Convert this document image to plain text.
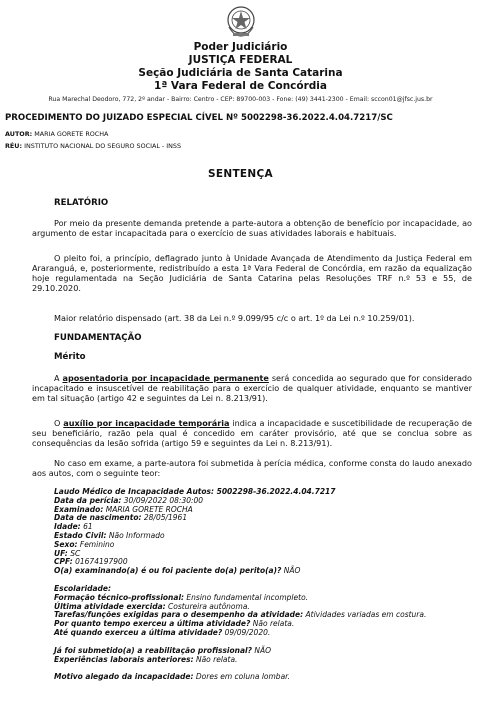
Poder Judiciário
JUSTIÇA FEDERAL
Seção Judiciária de Santa Catarina
1ª Vara Federal de Concórdia
Rua Marechal Deodoro, 772, 2º andar - Bairro: Centro - CEP: 89700-003 - Fone: (49) 3441-2300 - Email: sccon01@jfsc.jus.br
PROCEDIMENTO DO JUIZADO ESPECIAL CÍVEL Nº 5002298-36.2022.4.04.7217/SC
AUTOR: MARIA GORETE ROCHA
RÉU: INSTITUTO NACIONAL DO SEGURO SOCIAL - INSS
SENTENÇA
RELATÓRIO
Por meio da presente demanda pretende a parte-autora a obtenção de benefício por incapacidade, ao argumento de estar incapacitada para o exercício de suas atividades laborais e habituais.
O pleito foi, a princípio, deflagrado junto à Unidade Avançada de Atendimento da Justiça Federal em Araranguá, e, posteriormente, redistribuído a esta 1ª Vara Federal de Concórdia, em razão da equalização hoje regulamentada na Seção Judiciária de Santa Catarina pelas Resoluções TRF n.º 53 e 55, de 29.10.2020.
Maior relatório dispensado (art. 38 da Lei n.º 9.099/95 c/c o art. 1º da Lei n.º 10.259/01).
FUNDAMENTAÇÃO
Mérito
A aposentadoria por incapacidade permanente será concedida ao segurado que for considerado incapacitado e insuscetível de reabilitação para o exercício de qualquer atividade, enquanto se mantiver em tal situação (artigo 42 e seguintes da Lei n. 8.213/91).
O auxílio por incapacidade temporária indica a incapacidade e suscetibilidade de recuperação de seu beneficiário, razão pela qual é concedido em caráter provisório, até que se conclua sobre as consequências da lesão sofrida (artigo 59 e seguintes da Lei n. 8.213/91).
No caso em exame, a parte-autora foi submetida à perícia médica, conforme consta do laudo anexado aos autos, com o seguinte teor:
Laudo Médico de Incapacidade Autos: 5002298-36.2022.4.04.7217
Data da perícia: 30/09/2022 08:30:00
Examinado: MARIA GORETE ROCHA
Data de nascimento: 28/05/1961
Idade: 61
Estado Civil: Não Informado
Sexo: Feminino
UF: SC
CPF: 01674197900
O(a) examinando(a) é ou foi paciente do(a) perito(a)? NÃO
Escolaridade:
Formação técnico-profissional: Ensino fundamental incompleto.
Última atividade exercida: Costureira autônoma.
Tarefas/funções exigidas para o desempenho da atividade: Atividades variadas em costura.
Por quanto tempo exerceu a última atividade? Não relata.
Até quando exerceu a última atividade? 09/09/2020.
Já foi submetido(a) a reabilitação profissional? NÃO
Experiências laborais anteriores: Não relata.
Motivo alegado da incapacidade: Dores em coluna lombar.
